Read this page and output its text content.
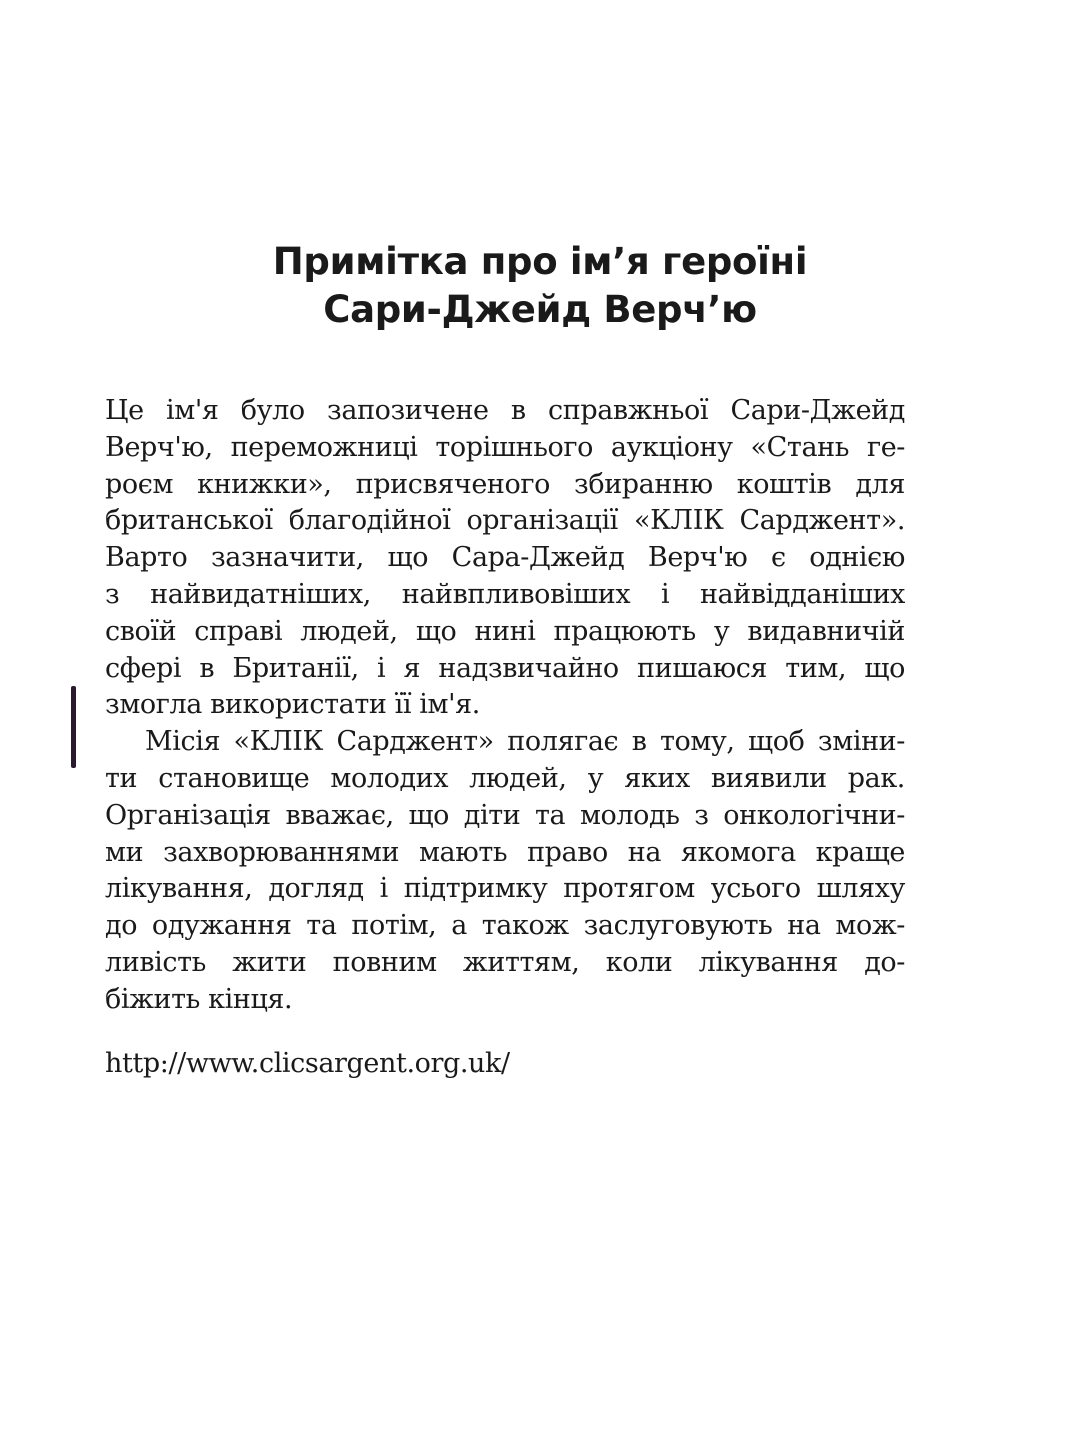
Примітка про ім’я героїні
Сари-Джейд Верч’ю
Це ім'я було запозичене в справжньої Сари-Джейд
Верч'ю, переможниці торішнього аукціону «Стань ге-
роєм книжки», присвяченого збиранню коштів для
британської благодійної організації «КЛІК Сарджент».
Варто зазначити, що Сара-Джейд Верч'ю є однією
з найвидатніших, найвпливовіших і найвідданіших
своїй справі людей, що нині працюють у видавничій
сфері в Британії, і я надзвичайно пишаюся тим, що
змогла використати її ім'я.
Місія «КЛІК Сарджент» полягає в тому, щоб зміни-
ти становище молодих людей, у яких виявили рак.
Організація вважає, що діти та молодь з онкологічни-
ми захворюваннями мають право на якомога краще
лікування, догляд і підтримку протягом усього шляху
до одужання та потім, а також заслуговують на мож-
ливість жити повним життям, коли лікування до-
біжить кінця.
http://www.clicsargent.org.uk/
